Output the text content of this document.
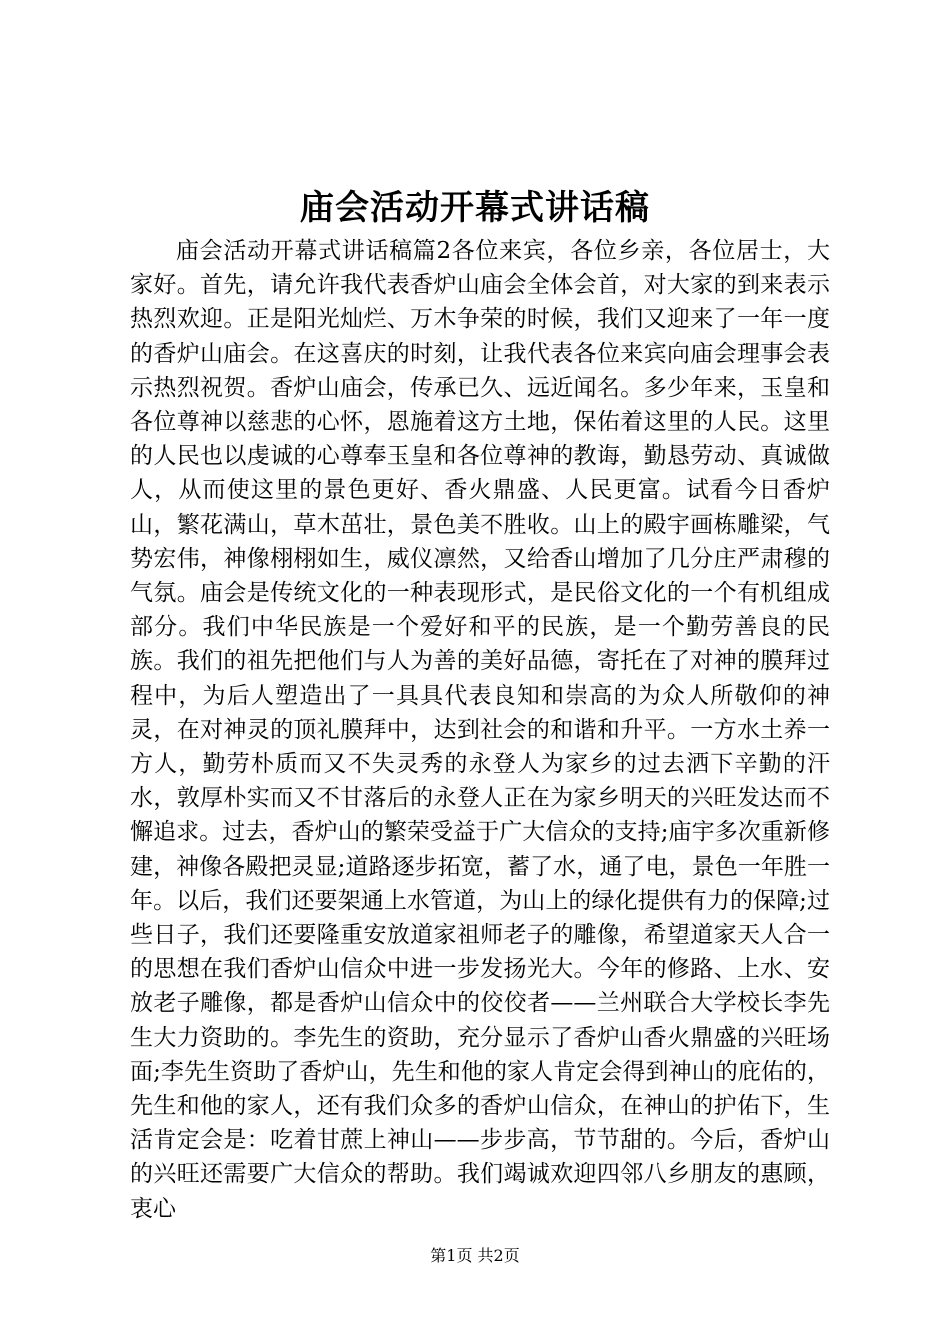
庙会活动开幕式讲话稿

庙会活动开幕式讲话稿篇2各位来宾，各位乡亲，各位居士，大家好。首先，请允许我代表香炉山庙会全体会首，对大家的到来表示热烈欢迎。正是阳光灿烂、万木争荣的时候，我们又迎来了一年一度的香炉山庙会。在这喜庆的时刻，让我代表各位来宾向庙会理事会表示热烈祝贺。香炉山庙会，传承已久、远近闻名。多少年来，玉皇和各位尊神以慈悲的心怀，恩施着这方土地，保佑着这里的人民。这里的人民也以虔诚的心尊奉玉皇和各位尊神的教诲，勤恳劳动、真诚做人，从而使这里的景色更好、香火鼎盛、人民更富。试看今日香炉山，繁花满山，草木茁壮，景色美不胜收。山上的殿宇画栋雕梁，气势宏伟，神像栩栩如生，威仪凛然，又给香山增加了几分庄严肃穆的气氛。庙会是传统文化的一种表现形式，是民俗文化的一个有机组成部分。我们中华民族是一个爱好和平的民族，是一个勤劳善良的民族。我们的祖先把他们与人为善的美好品德，寄托在了对神的膜拜过程中，为后人塑造出了一具具代表良知和崇高的为众人所敬仰的神灵，在对神灵的顶礼膜拜中，达到社会的和谐和升平。一方水土养一方人，勤劳朴质而又不失灵秀的永登人为家乡的过去洒下辛勤的汗水，敦厚朴实而又不甘落后的永登人正在为家乡明天的兴旺发达而不懈追求。过去，香炉山的繁荣受益于广大信众的支持;庙宇多次重新修建，神像各殿把灵显;道路逐步拓宽，蓄了水，通了电，景色一年胜一年。以后，我们还要架通上水管道，为山上的绿化提供有力的保障;过些日子，我们还要隆重安放道家祖师老子的雕像，希望道家天人合一的思想在我们香炉山信众中进一步发扬光大。今年的修路、上水、安放老子雕像，都是香炉山信众中的佼佼者——兰州联合大学校长李先生大力资助的。李先生的资助，充分显示了香炉山香火鼎盛的兴旺场面;李先生资助了香炉山，先生和他的家人肯定会得到神山的庇佑的，先生和他的家人，还有我们众多的香炉山信众，在神山的护佑下，生活肯定会是：吃着甘蔗上神山——步步高，节节甜的。今后，香炉山的兴旺还需要广大信众的帮助。我们竭诚欢迎四邻八乡朋友的惠顾，衷心

第1页 共2页
